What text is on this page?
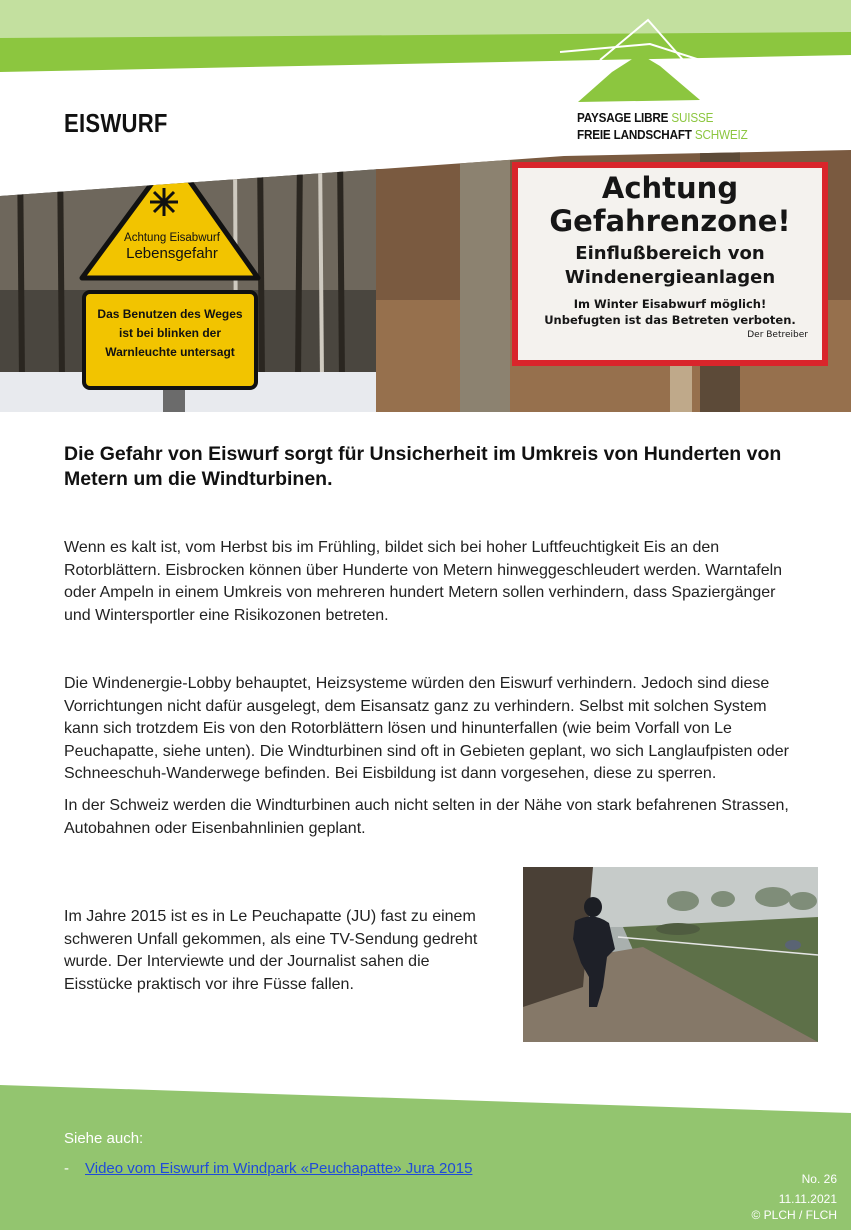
EISWURF	PAYSAGE LIBRE SUISSE
FREIE LANDSCHAFT SCHWEIZ
Achtung Eisabwurf
Lebensgefahr
Das Benutzen des Weges
ist bei blinken der
Warnleuchte untersagt
Achtung
Gefahrenzone!
Einflußbereich von
Windenergieanlagen
Im Winter Eisabwurf möglich!
Unbefugten ist das Betreten verboten.
Der Betreiber
Die Gefahr von Eiswurf sorgt für Unsicherheit im Umkreis von Hunderten von Metern um die Windturbinen.
Wenn es kalt ist, vom Herbst bis im Frühling, bildet sich bei hoher Luftfeuchtigkeit Eis an den
Rotorblättern. Eisbrocken können über Hunderte von Metern hinweggeschleudert werden. Warntafeln
oder Ampeln in einem Umkreis von mehreren hundert Metern sollen verhindern, dass Spaziergänger
und Wintersportler eine Risikozonen betreten.
Die Windenergie-Lobby behauptet, Heizsysteme würden den Eiswurf verhindern. Jedoch sind diese
Vorrichtungen nicht dafür ausgelegt, dem Eisansatz ganz zu verhindern. Selbst mit solchen System
kann sich trotzdem Eis von den Rotorblättern lösen und hinunterfallen (wie beim Vorfall von Le
Peuchapatte, siehe unten). Die Windturbinen sind oft in Gebieten geplant, wo sich Langlaufpisten oder
Schneeschuh-Wanderwege befinden. Bei Eisbildung ist dann vorgesehen, diese zu sperren.
In der Schweiz werden die Windturbinen auch nicht selten in der Nähe von stark befahrenen Strassen,
Autobahnen oder Eisenbahnlinien geplant.
Im Jahre 2015 ist es in Le Peuchapatte (JU) fast zu einem
schweren Unfall gekommen, als eine TV-Sendung gedreht
wurde. Der Interviewte und der Journalist sahen die
Eisstücke praktisch vor ihre Füsse fallen.
Siehe auch:
- Video vom Eiswurf im Windpark «Peuchapatte» Jura 2015
No. 26
11.11.2021
© PLCH / FLCH
